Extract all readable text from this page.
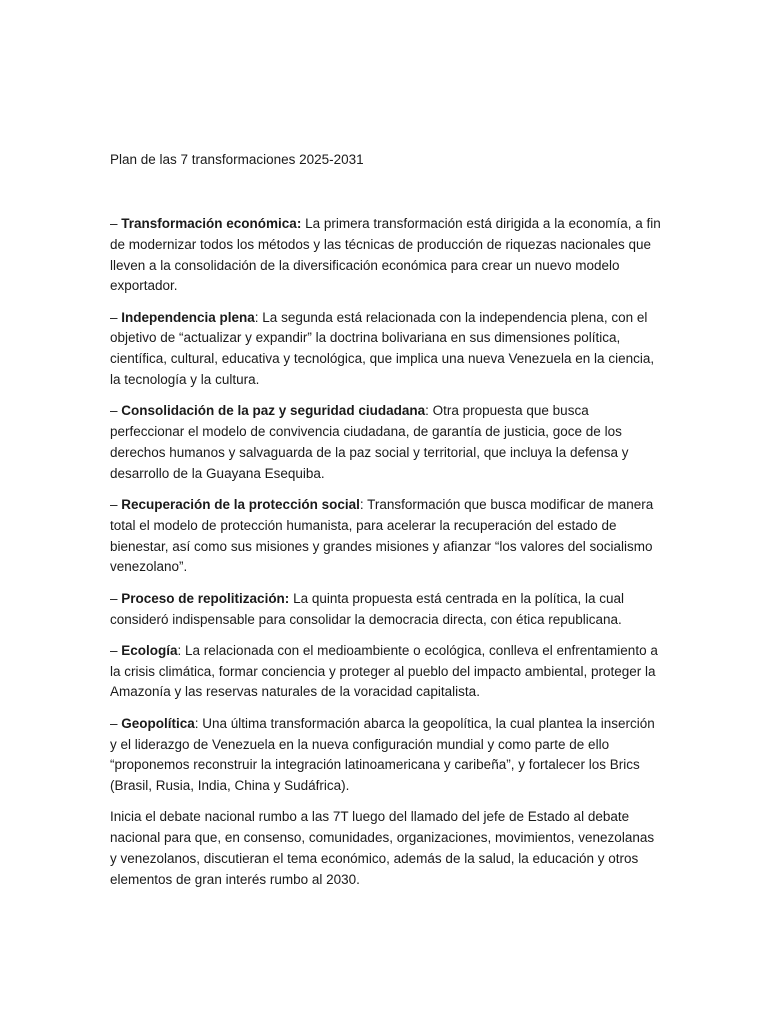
Plan de las 7 transformaciones 2025-2031

– Transformación económica: La primera transformación está dirigida a la economía, a fin de modernizar todos los métodos y las técnicas de producción de riquezas nacionales que lleven a la consolidación de la diversificación económica para crear un nuevo modelo exportador.

– Independencia plena: La segunda está relacionada con la independencia plena, con el objetivo de “actualizar y expandir” la doctrina bolivariana en sus dimensiones política, científica, cultural, educativa y tecnológica, que implica una nueva Venezuela en la ciencia, la tecnología y la cultura.

– Consolidación de la paz y seguridad ciudadana: Otra propuesta que busca perfeccionar el modelo de convivencia ciudadana, de garantía de justicia, goce de los derechos humanos y salvaguarda de la paz social y territorial, que incluya la defensa y desarrollo de la Guayana Esequiba.

– Recuperación de la protección social: Transformación que busca modificar de manera total el modelo de protección humanista, para acelerar la recuperación del estado de bienestar, así como sus misiones y grandes misiones y afianzar “los valores del socialismo venezolano”.

– Proceso de repolitización: La quinta propuesta está centrada en la política, la cual consideró indispensable para consolidar la democracia directa, con ética republicana.

– Ecología: La relacionada con el medioambiente o ecológica, conlleva el enfrentamiento a la crisis climática, formar conciencia y proteger al pueblo del impacto ambiental, proteger la Amazonía y las reservas naturales de la voracidad capitalista.

– Geopolítica: Una última transformación abarca la geopolítica, la cual plantea la inserción y el liderazgo de Venezuela en la nueva configuración mundial y como parte de ello “proponemos reconstruir la integración latinoamericana y caribeña”, y fortalecer los Brics (Brasil, Rusia, India, China y Sudáfrica).

Inicia el debate nacional rumbo a las 7T luego del llamado del jefe de Estado al debate nacional para que, en consenso, comunidades, organizaciones, movimientos, venezolanas y venezolanos, discutieran el tema económico, además de la salud, la educación y otros elementos de gran interés rumbo al 2030.
